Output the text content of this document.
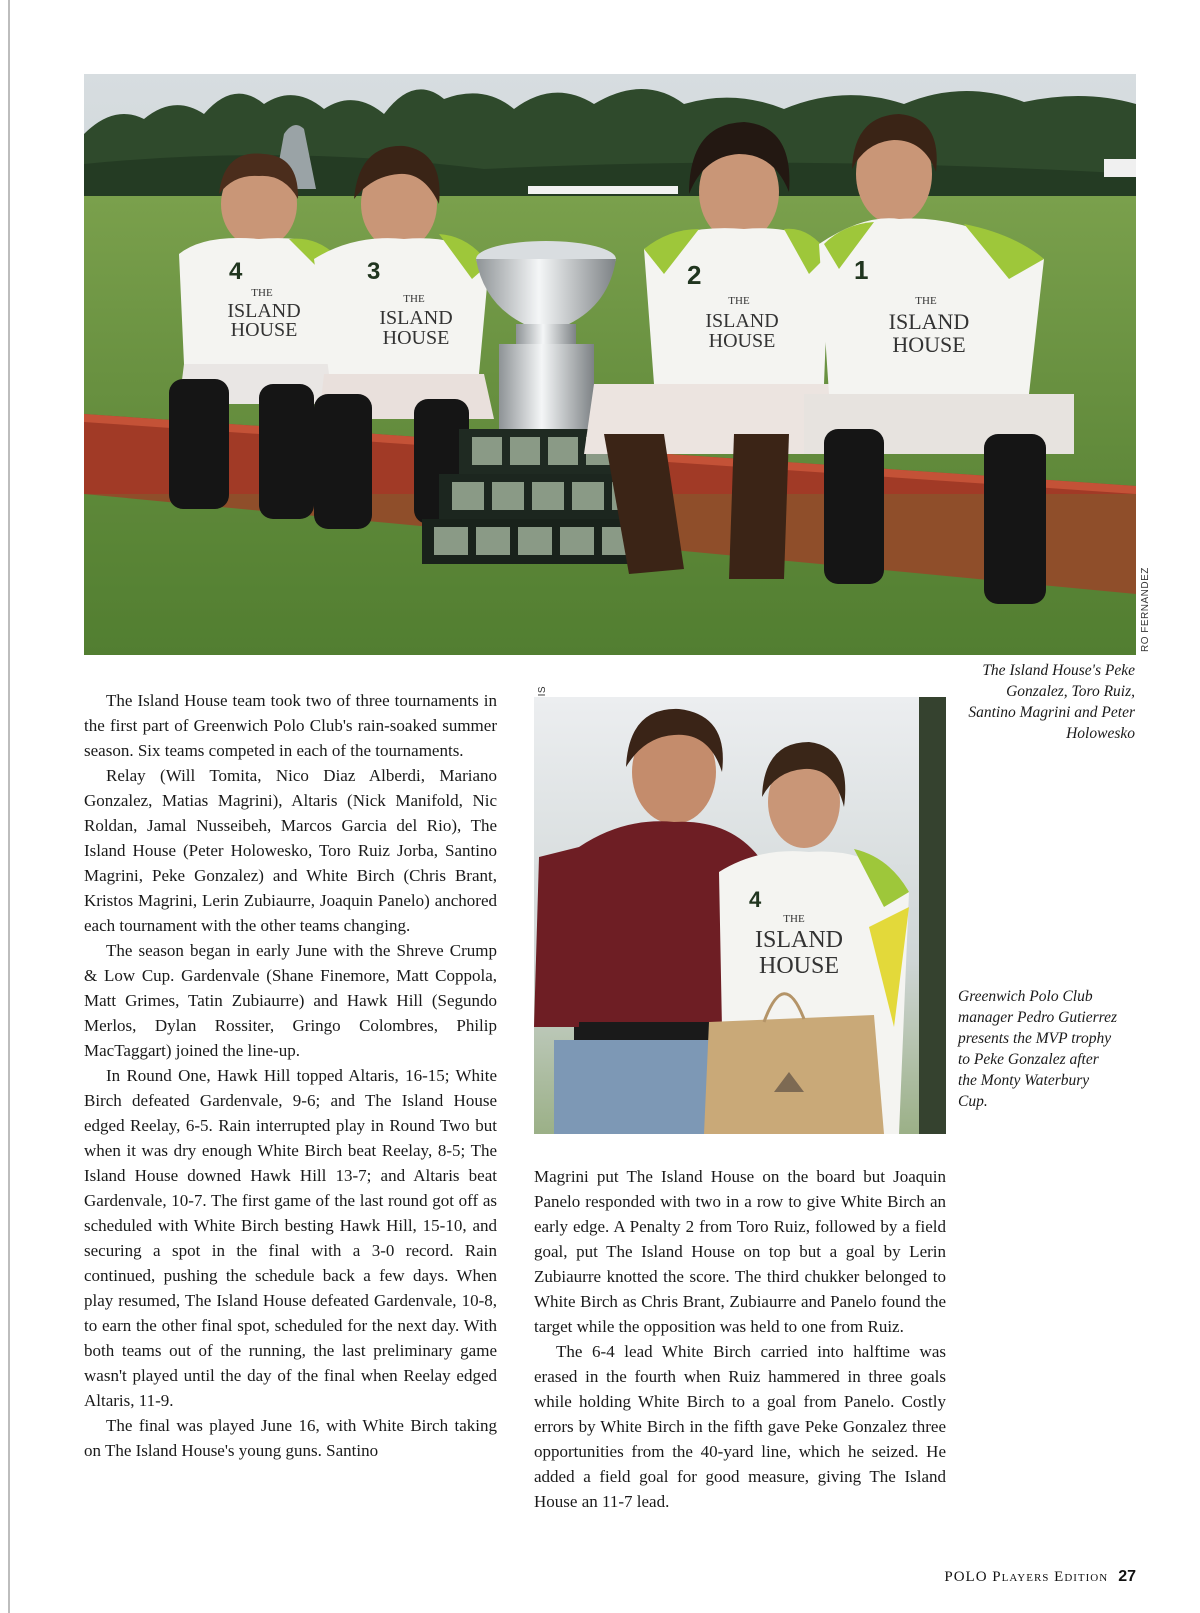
4
THE
ISLAND
HOUSE
3
THE
ISLAND
HOUSE
2
THE
ISLAND
HOUSE
1
THE
ISLAND
HOUSE
RO FERNANDEZ

The Island House's Peke Gonzalez, Toro Ruiz, Santino Magrini and Peter Holowesko

4
THE
ISLAND
HOUSE

Greenwich Polo Club manager Pedro Gutierrez presents the MVP trophy to Peke Gonzalez after the Monty Waterbury Cup.

The Island House team took two of three tournaments in the first part of Greenwich Polo Club's rain-soaked summer season. Six teams competed in each of the tournaments.

Relay (Will Tomita, Nico Diaz Alberdi, Mariano Gonzalez, Matias Magrini), Altaris (Nick Manifold, Nic Roldan, Jamal Nusseibeh, Marcos Garcia del Rio), The Island House (Peter Holowesko, Toro Ruiz Jorba, Santino Magrini, Peke Gonzalez) and White Birch (Chris Brant, Kristos Magrini, Lerin Zubiaurre, Joaquin Panelo) anchored each tournament with the other teams changing.

The season began in early June with the Shreve Crump & Low Cup. Gardenvale (Shane Finemore, Matt Coppola, Matt Grimes, Tatin Zubiaurre) and Hawk Hill (Segundo Merlos, Dylan Rossiter, Gringo Colombres, Philip MacTaggart) joined the line-up.

In Round One, Hawk Hill topped Altaris, 16-15; White Birch defeated Gardenvale, 9-6; and The Island House edged Reelay, 6-5. Rain interrupted play in Round Two but when it was dry enough White Birch beat Reelay, 8-5; The Island House downed Hawk Hill 13-7; and Altaris beat Gardenvale, 10-7. The first game of the last round got off as scheduled with White Birch besting Hawk Hill, 15-10, and securing a spot in the final with a 3-0 record. Rain continued, pushing the schedule back a few days. When play resumed, The Island House defeated Gardenvale, 10-8, to earn the other final spot, scheduled for the next day. With both teams out of the running, the last preliminary game wasn't played until the day of the final when Reelay edged Altaris, 11-9.

The final was played June 16, with White Birch taking on The Island House's young guns. Santino

Magrini put The Island House on the board but Joaquin Panelo responded with two in a row to give White Birch an early edge. A Penalty 2 from Toro Ruiz, followed by a field goal, put The Island House on top but a goal by Lerin Zubiaurre knotted the score. The third chukker belonged to White Birch as Chris Brant, Zubiaurre and Panelo found the target while the opposition was held to one from Ruiz.

The 6-4 lead White Birch carried into halftime was erased in the fourth when Ruiz hammered in three goals while holding White Birch to a goal from Panelo. Costly errors by White Birch in the fifth gave Peke Gonzalez three opportunities from the 40-yard line, which he seized. He added a field goal for good measure, giving The Island House an 11-7 lead.

POLO Players Edition 27
